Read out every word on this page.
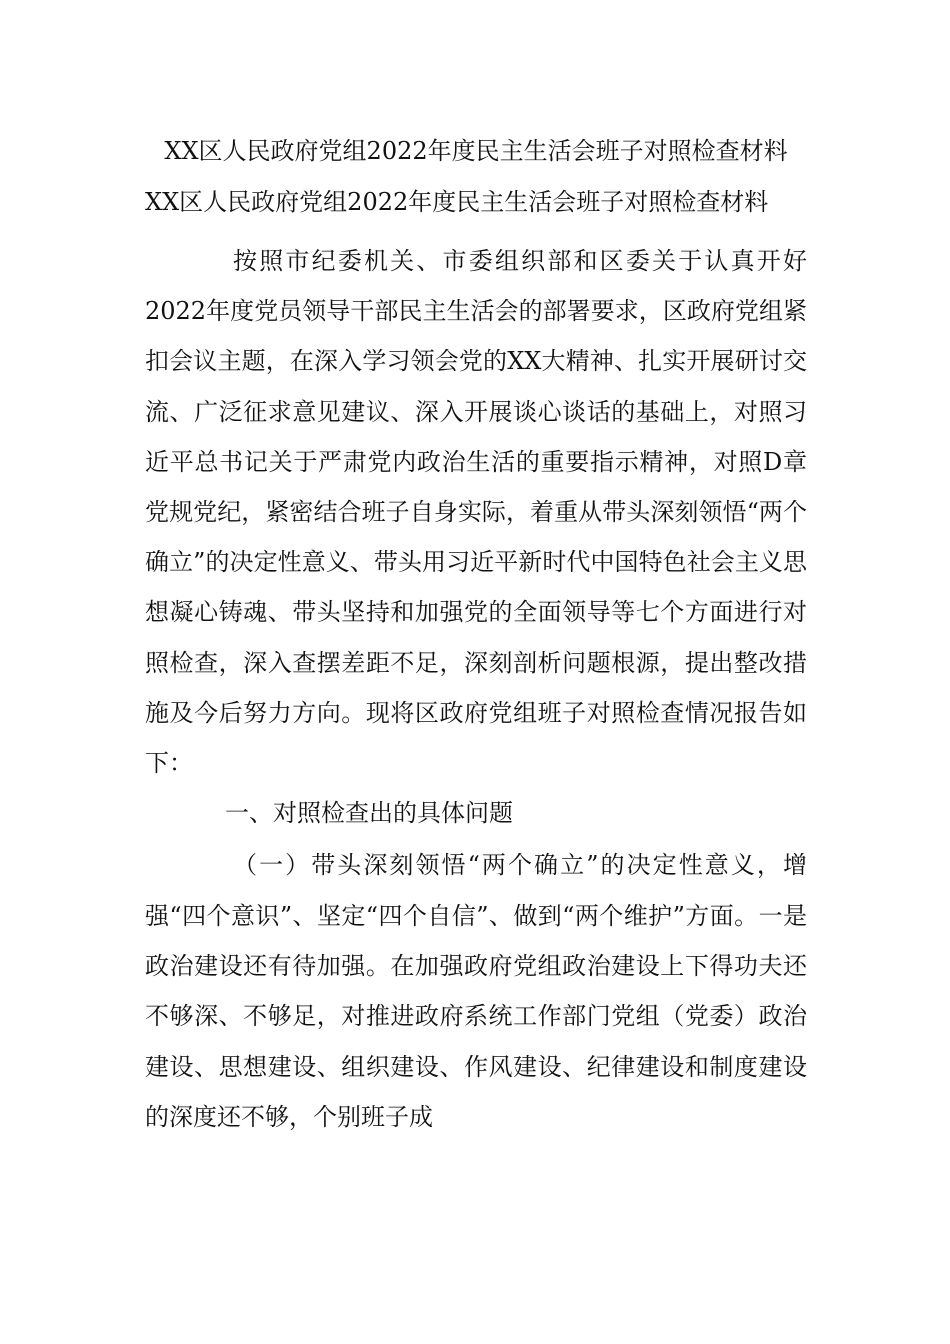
XX区人民政府党组2022年度民主生活会班子对照检查材料

XX区人民政府党组2022年度民主生活会班子对照检查材料

按照市纪委机关、市委组织部和区委关于认真开好2022年度党员领导干部民主生活会的部署要求，区政府党组紧扣会议主题，在深入学习领会党的XX大精神、扎实开展研讨交流、广泛征求意见建议、深入开展谈心谈话的基础上，对照习近平总书记关于严肃党内政治生活的重要指示精神，对照D章党规党纪，紧密结合班子自身实际，着重从带头深刻领悟“两个确立”的决定性意义、带头用习近平新时代中国特色社会主义思想凝心铸魂、带头坚持和加强党的全面领导等七个方面进行对照检查，深入查摆差距不足，深刻剖析问题根源，提出整改措施及今后努力方向。现将区政府党组班子对照检查情况报告如下：

一、对照检查出的具体问题

（一）带头深刻领悟“两个确立”的决定性意义，增强“四个意识”、坚定“四个自信”、做到“两个维护”方面。一是政治建设还有待加强。在加强政府党组政治建设上下得功夫还不够深、不够足，对推进政府系统工作部门党组（党委）政治建设、思想建设、组织建设、作风建设、纪律建设和制度建设的深度还不够，个别班子成
